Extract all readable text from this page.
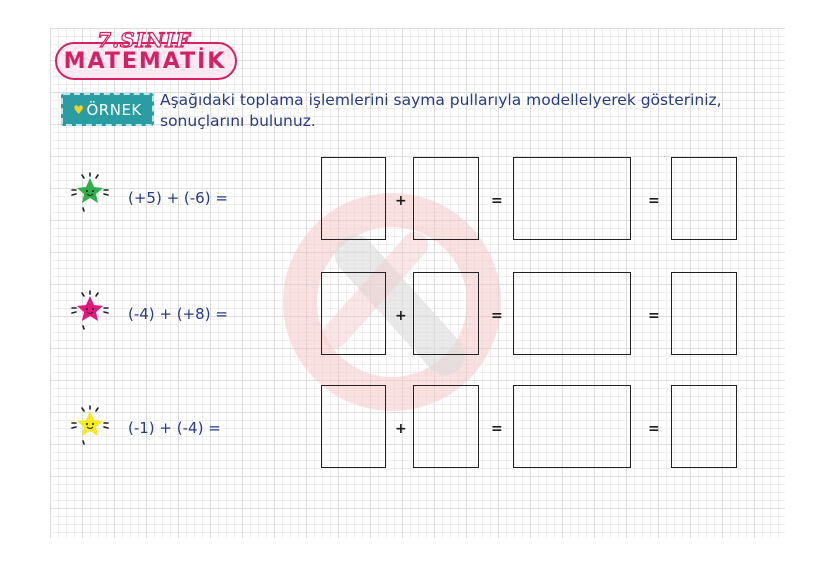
7.SINIF
MATEMATİK
♥ ÖRNEK
Aşağıdaki toplama işlemlerini sayma pullarıyla modellelyerek gösteriniz, sonuçlarını bulunuz.
(+5) + (-6) =	+	=	=
(-4) + (+8) =	+	=	=
(-1) + (-4) =	+	=	=
